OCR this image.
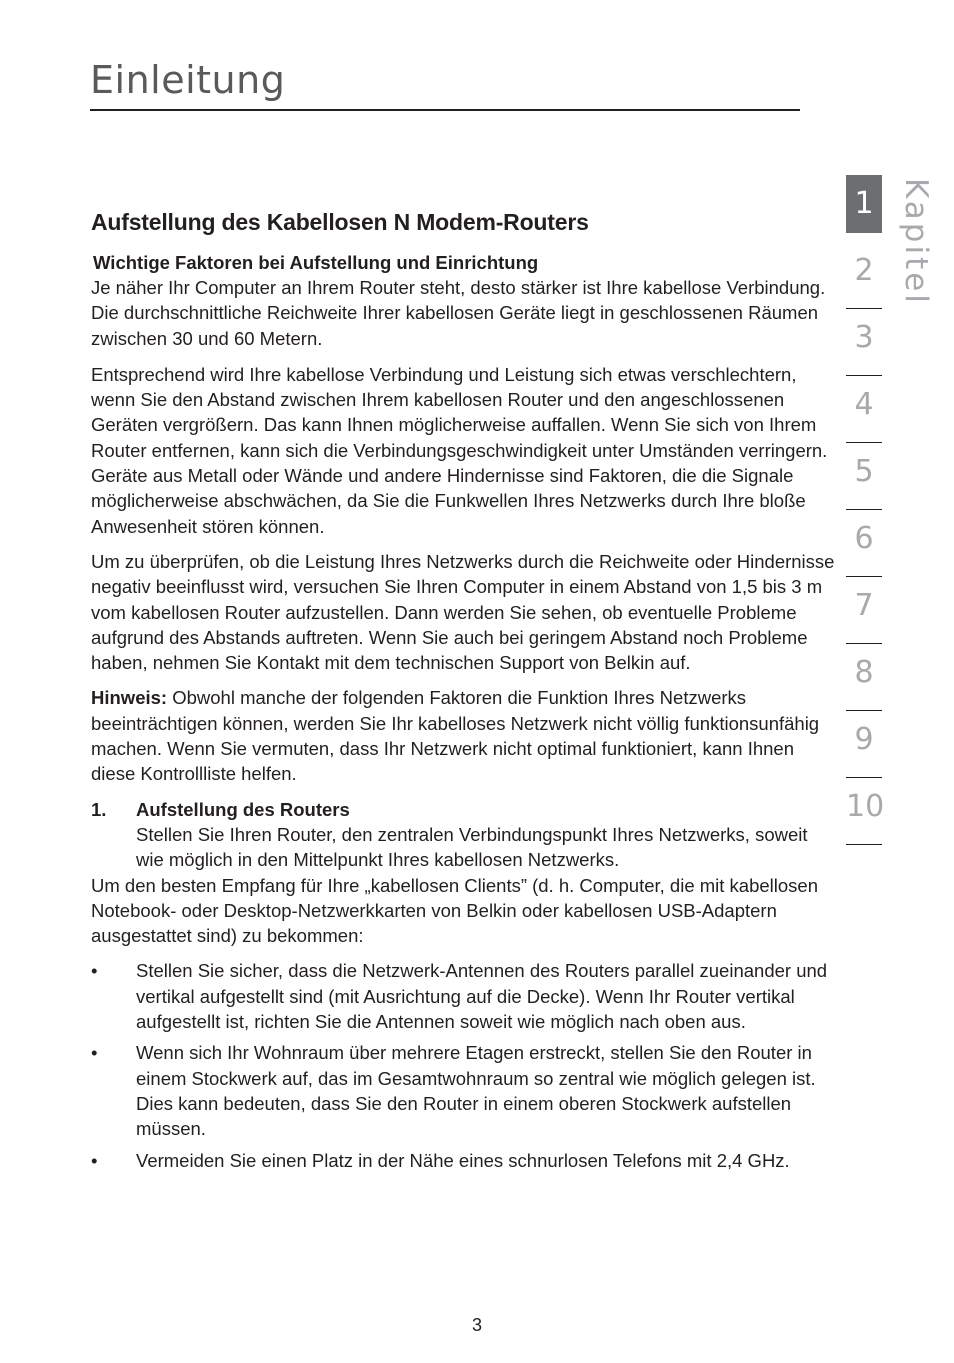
Einleitung
Aufstellung des Kabellosen N Modem-Routers
Wichtige Faktoren bei Aufstellung und Einrichtung

Je näher Ihr Computer an Ihrem Router steht, desto stärker ist Ihre kabellose Verbindung. Die durchschnittliche Reichweite Ihrer kabellosen Geräte liegt in geschlossenen Räumen zwischen 30 und 60 Metern.

Entsprechend wird Ihre kabellose Verbindung und Leistung sich etwas verschlechtern, wenn Sie den Abstand zwischen Ihrem kabellosen Router und den angeschlossenen Geräten vergrößern. Das kann Ihnen möglicherweise auffallen. Wenn Sie sich von Ihrem Router entfernen, kann sich die Verbindungsgeschwindigkeit unter Umständen verringern. Geräte aus Metall oder Wände und andere Hindernisse sind Faktoren, die die Signale möglicherweise abschwächen, da Sie die Funkwellen Ihres Netzwerks durch Ihre bloße Anwesenheit stören können.

Um zu überprüfen, ob die Leistung Ihres Netzwerks durch die Reichweite oder Hindernisse negativ beeinflusst wird, versuchen Sie Ihren Computer in einem Abstand von 1,5 bis 3 m vom kabellosen Router aufzustellen. Dann werden Sie sehen, ob eventuelle Probleme aufgrund des Abstands auftreten. Wenn Sie auch bei geringem Abstand noch Probleme haben, nehmen Sie Kontakt mit dem technischen Support von Belkin auf.

Hinweis: Obwohl manche der folgenden Faktoren die Funktion Ihres Netzwerks beeinträchtigen können, werden Sie Ihr kabelloses Netzwerk nicht völlig funktionsunfähig machen. Wenn Sie vermuten, dass Ihr Netzwerk nicht optimal funktioniert, kann Ihnen diese Kontrollliste helfen.

1.	Aufstellung des Routers
Stellen Sie Ihren Router, den zentralen Verbindungspunkt Ihres Netzwerks, soweit wie möglich in den Mittelpunkt Ihres kabellosen Netzwerks.

Um den besten Empfang für Ihre „kabellosen Clients” (d. h. Computer, die mit kabellosen Notebook- oder Desktop-Netzwerkkarten von Belkin oder kabellosen USB-Adaptern ausgestattet sind) zu bekommen:

•	Stellen Sie sicher, dass die Netzwerk-Antennen des Routers parallel zueinander und vertikal aufgestellt sind (mit Ausrichtung auf die Decke). Wenn Ihr Router vertikal aufgestellt ist, richten Sie die Antennen soweit wie möglich nach oben aus.
•	Wenn sich Ihr Wohnraum über mehrere Etagen erstreckt, stellen Sie den Router in einem Stockwerk auf, das im Gesamtwohnraum so zentral wie möglich gelegen ist. Dies kann bedeuten, dass Sie den Router in einem oberen Stockwerk aufstellen müssen.
•	Vermeiden Sie einen Platz in der Nähe eines schnurlosen Telefons mit 2,4 GHz.
1
2
3
4
5
6
7
8
9
10
Kapitel
3
